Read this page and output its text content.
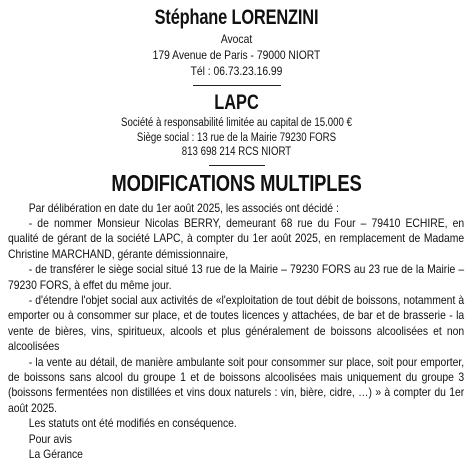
Stéphane LORENZINI

Avocat

179 Avenue de Paris - 79000 NIORT

Tél : 06.73.23.16.99

LAPC

Société à responsabilité limitée au capital de 15.000 €

Siège social : 13 rue de la Mairie 79230 FORS

813 698 214 RCS NIORT

MODIFICATIONS MULTIPLES

Par délibération en date du 1er août 2025, les associés ont décidé :

- de nommer Monsieur Nicolas BERRY, demeurant 68 rue du Four – 79410 ECHIRE, en qualité de gérant de la société LAPC, à compter du 1er août 2025, en remplacement de Madame Christine MARCHAND, gérante démissionnaire,

- de transférer le siège social situé 13 rue de la Mairie – 79230 FORS au 23 rue de la Mairie – 79230 FORS, à effet du même jour.

- d'étendre l'objet social aux activités de «l'exploitation de tout débit de boissons, notamment à emporter ou à consommer sur place, et de toutes licences y attachées, de bar et de brasserie - la vente de bières, vins, spiritueux, alcools et plus généralement de boissons alcoolisées et non alcoolisées

- la vente au détail, de manière ambulante soit pour consommer sur place, soit pour emporter, de boissons sans alcool du groupe 1 et de boissons alcoolisées mais uniquement du groupe 3 (boissons fermentées non distillées et vins doux naturels : vin, bière, cidre, …) » à compter du 1er août 2025.

Les statuts ont été modifiés en conséquence.

Pour avis

La Gérance
